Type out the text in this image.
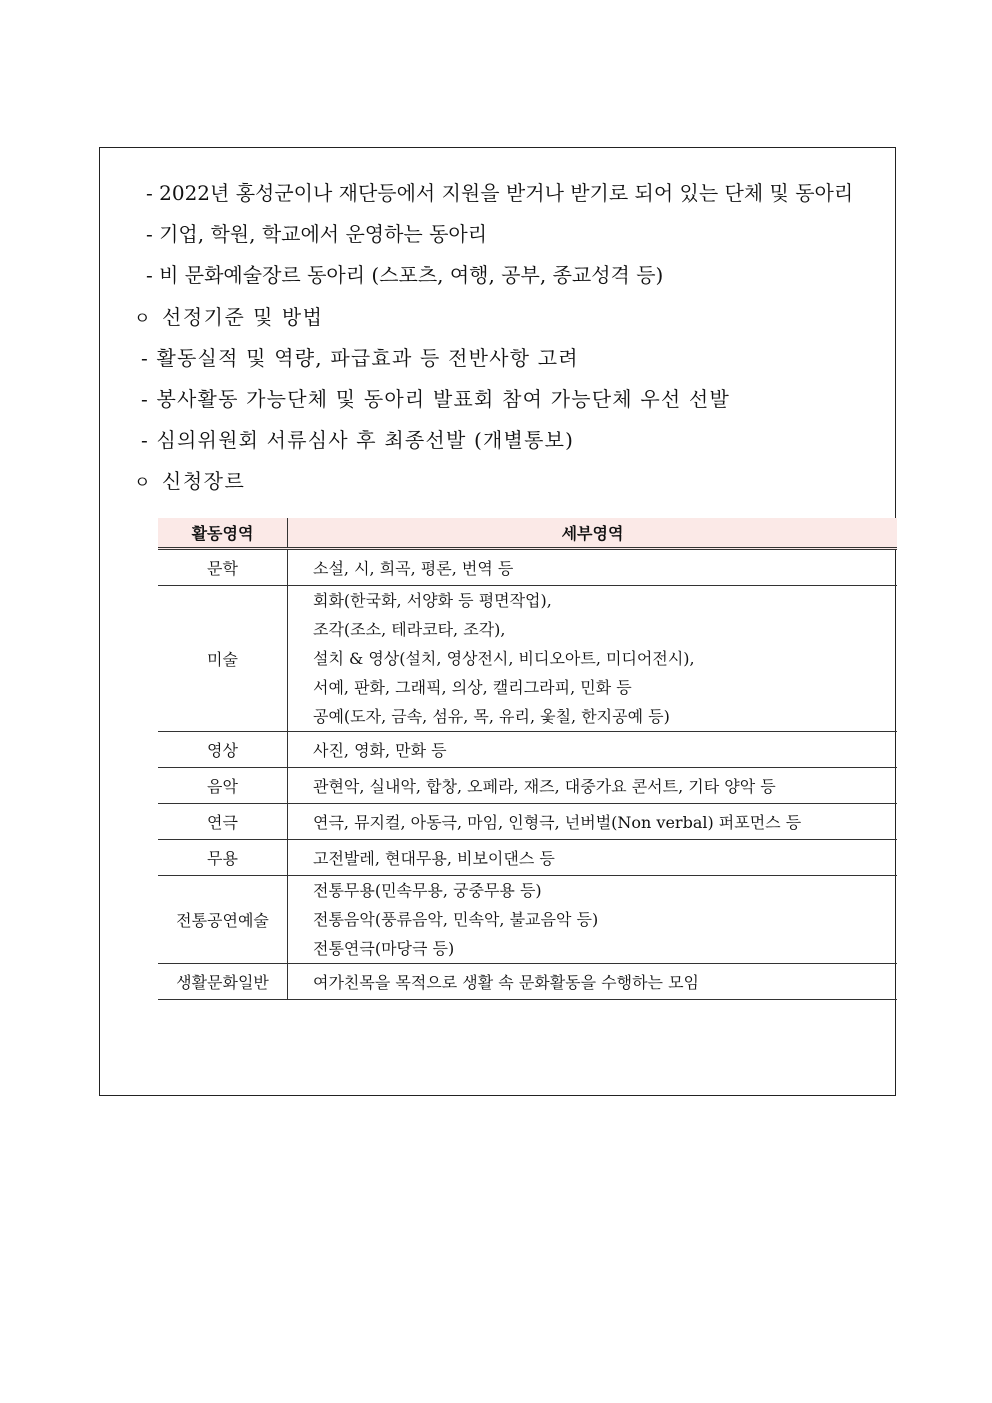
- 2022년 홍성군이나 재단등에서 지원을 받거나 받기로 되어 있는 단체 및 동아리
- 기업, 학원, 학교에서 운영하는 동아리
- 비 문화예술장르 동아리 (스포츠, 여행, 공부, 종교성격 등)
ㅇ 선정기준 및 방법
- 활동실적 및 역량, 파급효과 등 전반사항 고려
- 봉사활동 가능단체 및 동아리 발표회 참여 가능단체 우선 선발
- 심의위원회 서류심사 후 최종선발 (개별통보)
ㅇ 신청장르
활동영역	세부영역
문학	소설, 시, 희곡, 평론, 번역 등
미술	회화(한국화, 서양화 등 평면작업),
조각(조소, 테라코타, 조각),
설치 & 영상(설치, 영상전시, 비디오아트, 미디어전시),
서예, 판화, 그래픽, 의상, 캘리그라피, 민화 등
공예(도자, 금속, 섬유, 목, 유리, 옻칠, 한지공예 등)

영상	사진, 영화, 만화 등
음악	관현악, 실내악, 합창, 오페라, 재즈, 대중가요 콘서트, 기타 양악 등
연극	연극, 뮤지컬, 아동극, 마임, 인형극, 넌버벌(Non verbal) 퍼포먼스 등
무용	고전발레, 현대무용, 비보이댄스 등
전통공연예술	전통무용(민속무용, 궁중무용 등)
전통음악(풍류음악, 민속악, 불교음악 등)
전통연극(마당극 등)

생활문화일반	여가친목을 목적으로 생활 속 문화활동을 수행하는 모임
